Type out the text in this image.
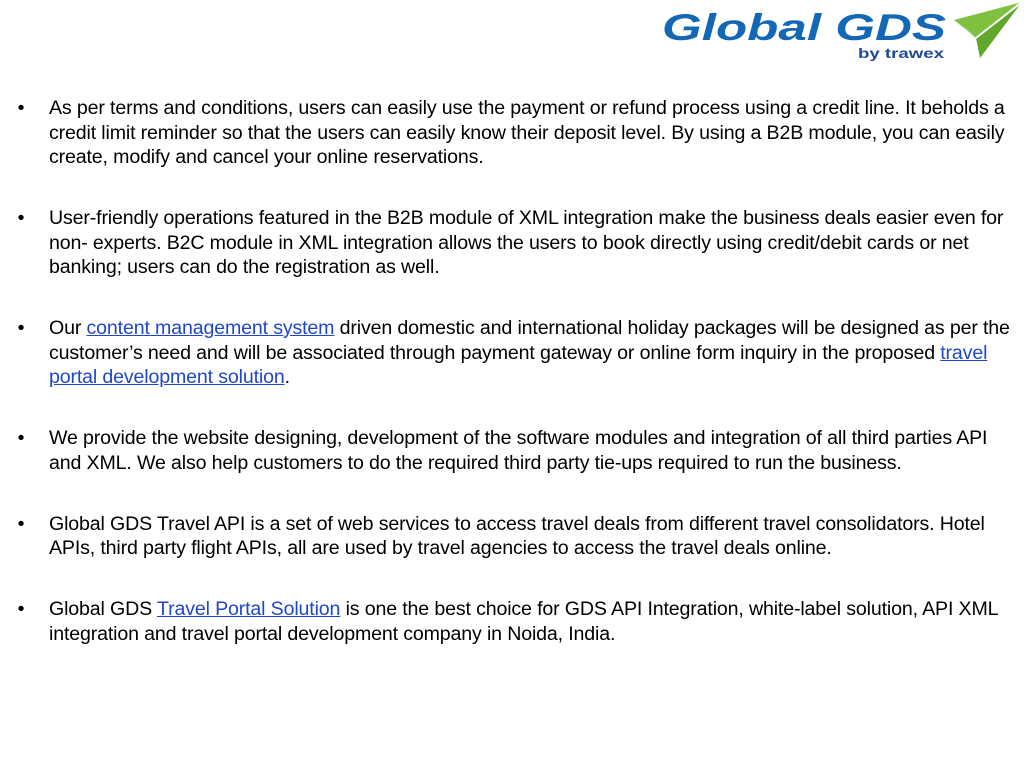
Global GDS
by trawex
• As per terms and conditions, users can easily use the payment or refund process using a credit line. It beholds a credit limit reminder so that the users can easily know their deposit level. By using a B2B module, you can easily create, modify and cancel your online reservations.
• User-friendly operations featured in the B2B module of XML integration make the business deals easier even for non- experts. B2C module in XML integration allows the users to book directly using credit/debit cards or net banking; users can do the registration as well.
• Our content management system driven domestic and international holiday packages will be designed as per the customer’s need and will be associated through payment gateway or online form inquiry in the proposed travel portal development solution.
• We provide the website designing, development of the software modules and integration of all third parties API and XML. We also help customers to do the required third party tie-ups required to run the business.
• Global GDS Travel API is a set of web services to access travel deals from different travel consolidators. Hotel APIs, third party flight APIs, all are used by travel agencies to access the travel deals online.
• Global GDS Travel Portal Solution is one the best choice for GDS API Integration, white-label solution, API XML integration and travel portal development company in Noida, India.
